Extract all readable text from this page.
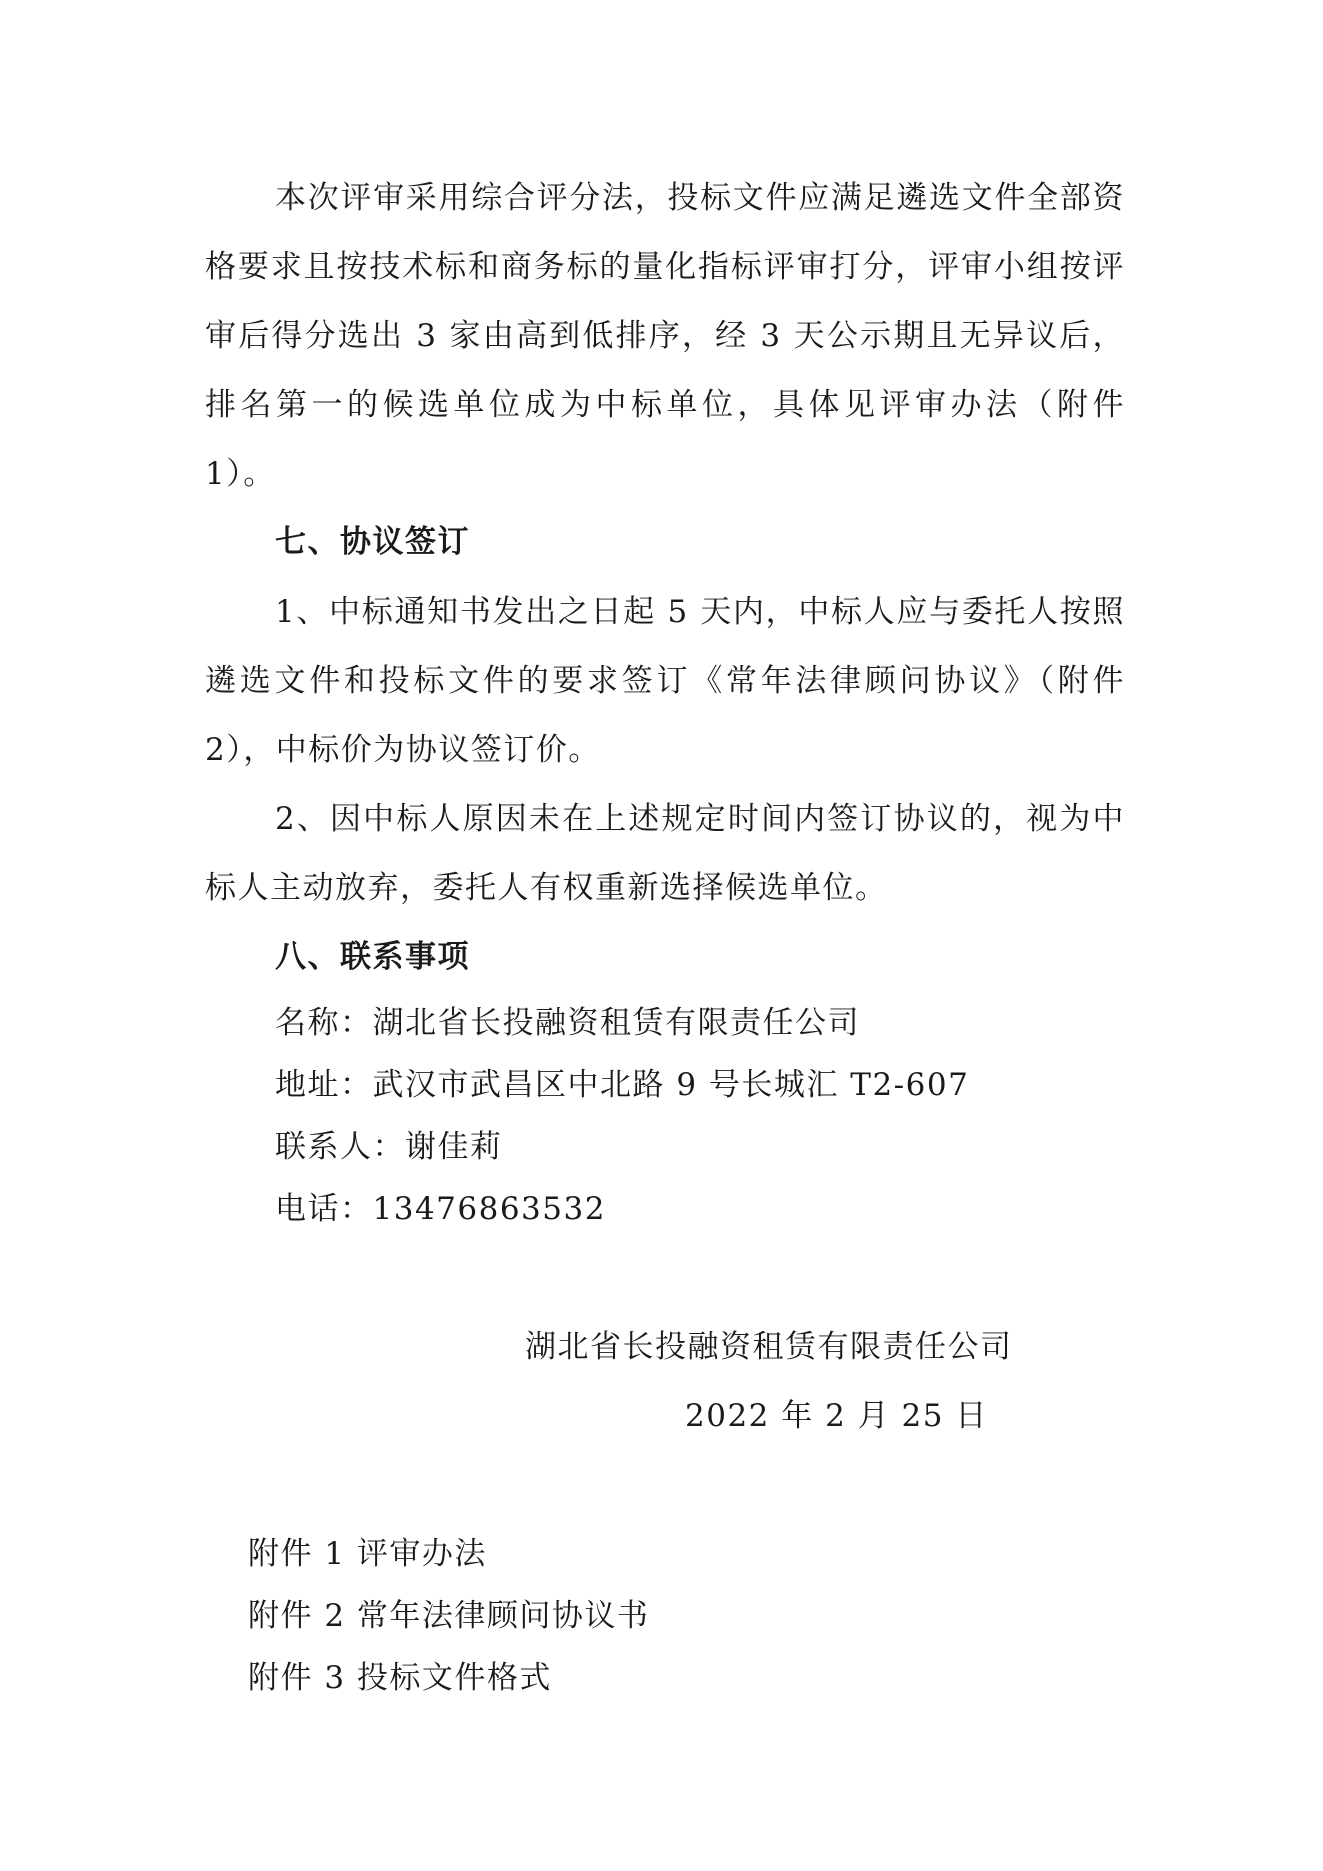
本次评审采用综合评分法，投标文件应满足遴选文件全部资格要求且按技术标和商务标的量化指标评审打分，评审小组按评审后得分选出 3 家由高到低排序，经 3 天公示期且无异议后，排名第一的候选单位成为中标单位，具体见评审办法（附件 1）。

七、协议签订

1、中标通知书发出之日起 5 天内，中标人应与委托人按照遴选文件和投标文件的要求签订《常年法律顾问协议》（附件 2），中标价为协议签订价。

2、因中标人原因未在上述规定时间内签订协议的，视为中标人主动放弃，委托人有权重新选择候选单位。

八、联系事项
名称：湖北省长投融资租赁有限责任公司
地址：武汉市武昌区中北路 9 号长城汇 T2-607
联系人：谢佳莉
电话：13476863532
湖北省长投融资租赁有限责任公司
2022 年 2 月 25 日
附件 1 评审办法
附件 2 常年法律顾问协议书
附件 3 投标文件格式
